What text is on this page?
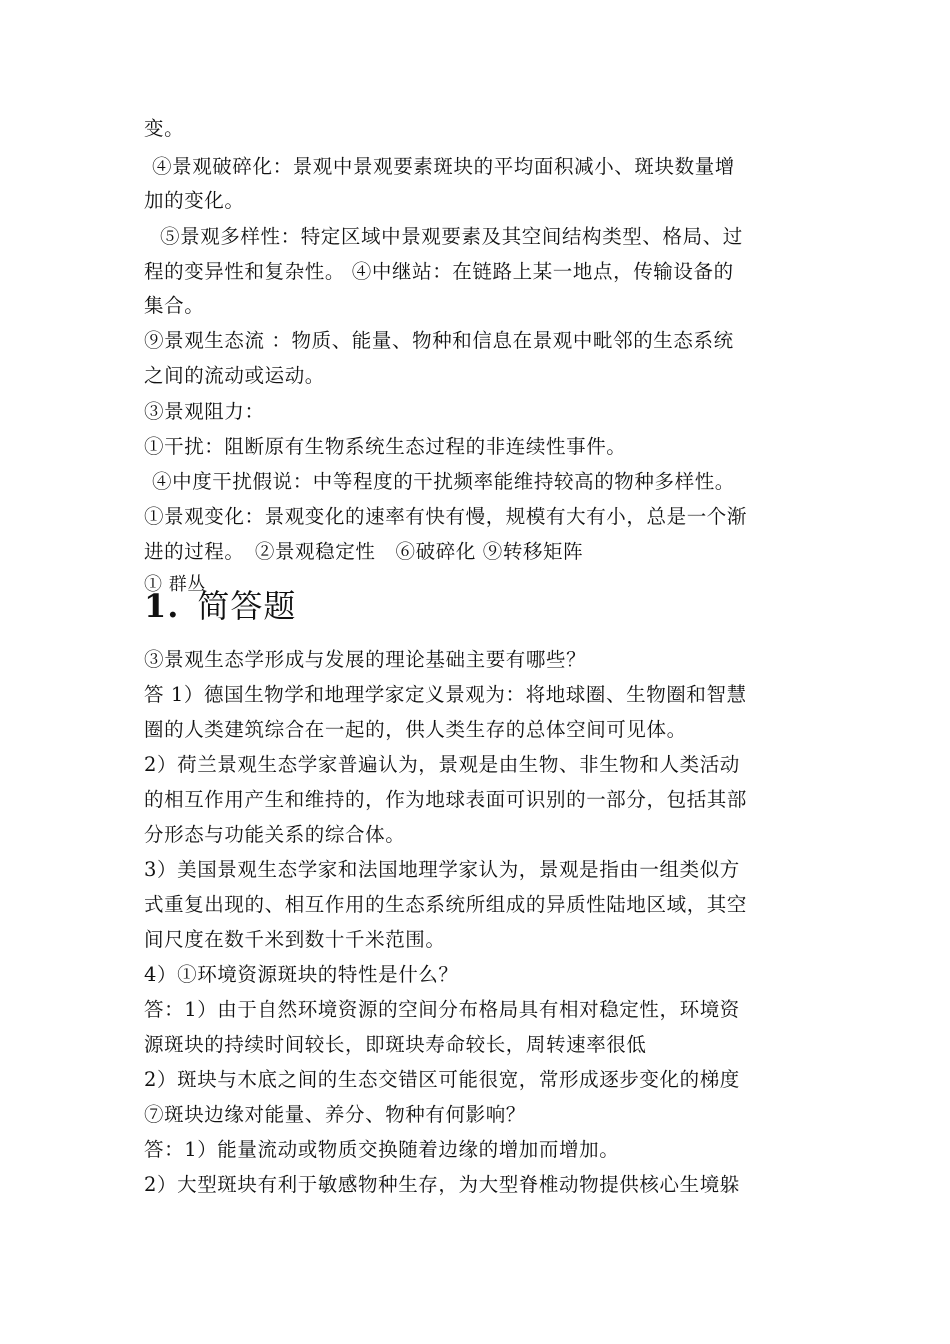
变。
④景观破碎化：景观中景观要素斑块的平均面积减小、斑块数量增
加的变化。
⑤景观多样性：特定区域中景观要素及其空间结构类型、格局、过
程的变异性和复杂性。 ④中继站：在链路上某一地点，传输设备的
集合。
⑨景观生态流 ：物质、能量、物种和信息在景观中毗邻的生态系统
之间的流动或运动。
③景观阻力：
①干扰：阻断原有生物系统生态过程的非连续性事件。
④中度干扰假说：中等程度的干扰频率能维持较高的物种多样性。
①景观变化：景观变化的速率有快有慢，规模有大有小，总是一个渐
进的过程。　②景观稳定性　⑥破碎化 ⑨转移矩阵
① 群丛
1. 简答题
③景观生态学形成与发展的理论基础主要有哪些？
答 1）德国生物学和地理学家定义景观为：将地球圈、生物圈和智慧
圈的人类建筑综合在一起的，供人类生存的总体空间可见体。
2）荷兰景观生态学家普遍认为，景观是由生物、非生物和人类活动
的相互作用产生和维持的，作为地球表面可识别的一部分，包括其部
分形态与功能关系的综合体。
3）美国景观生态学家和法国地理学家认为，景观是指由一组类似方
式重复出现的、相互作用的生态系统所组成的异质性陆地区域，其空
间尺度在数千米到数十千米范围。
4）①环境资源斑块的特性是什么？
答：1）由于自然环境资源的空间分布格局具有相对稳定性，环境资
源斑块的持续时间较长，即斑块寿命较长，周转速率很低
2）斑块与木底之间的生态交错区可能很宽，常形成逐步变化的梯度
⑦斑块边缘对能量、养分、物种有何影响？
答：1）能量流动或物质交换随着边缘的增加而增加。
2）大型斑块有利于敏感物种生存，为大型脊椎动物提供核心生境躲
